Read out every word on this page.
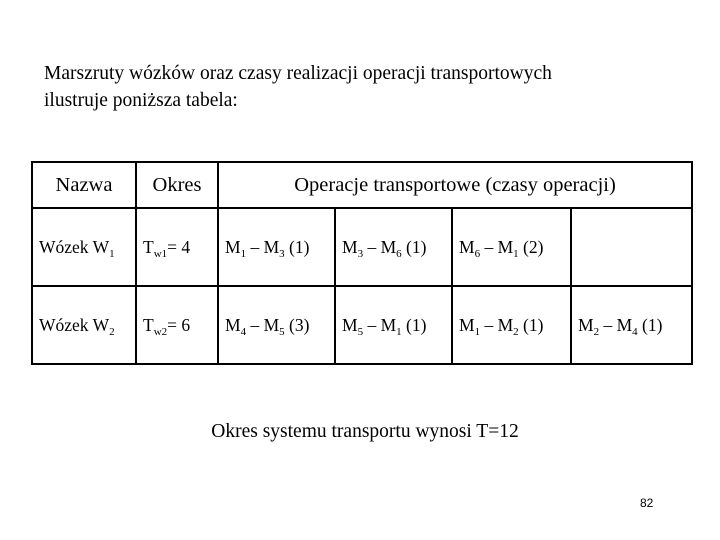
Marszruty wózków oraz czasy realizacji operacji transportowych
ilustruje poniższa tabela:
Nazwa	Okres	Operacje transportowe (czasy operacji)			
Wózek $W_1$	$T_{w1}= 4$	$M_1 - M_3$ (1)	$M_3 - M_6$ (1)	$M_6 - M_1$ (2)	
Wózek $W_2$	$T_{w2}= 6$	$M_4 - M_5$ (3)	$M_5 - M_1$ (1)	$M_1 - M_2$ (1)	$M_2 - M_4$ (1)
Okres systemu transportu wynosi T=12
82
